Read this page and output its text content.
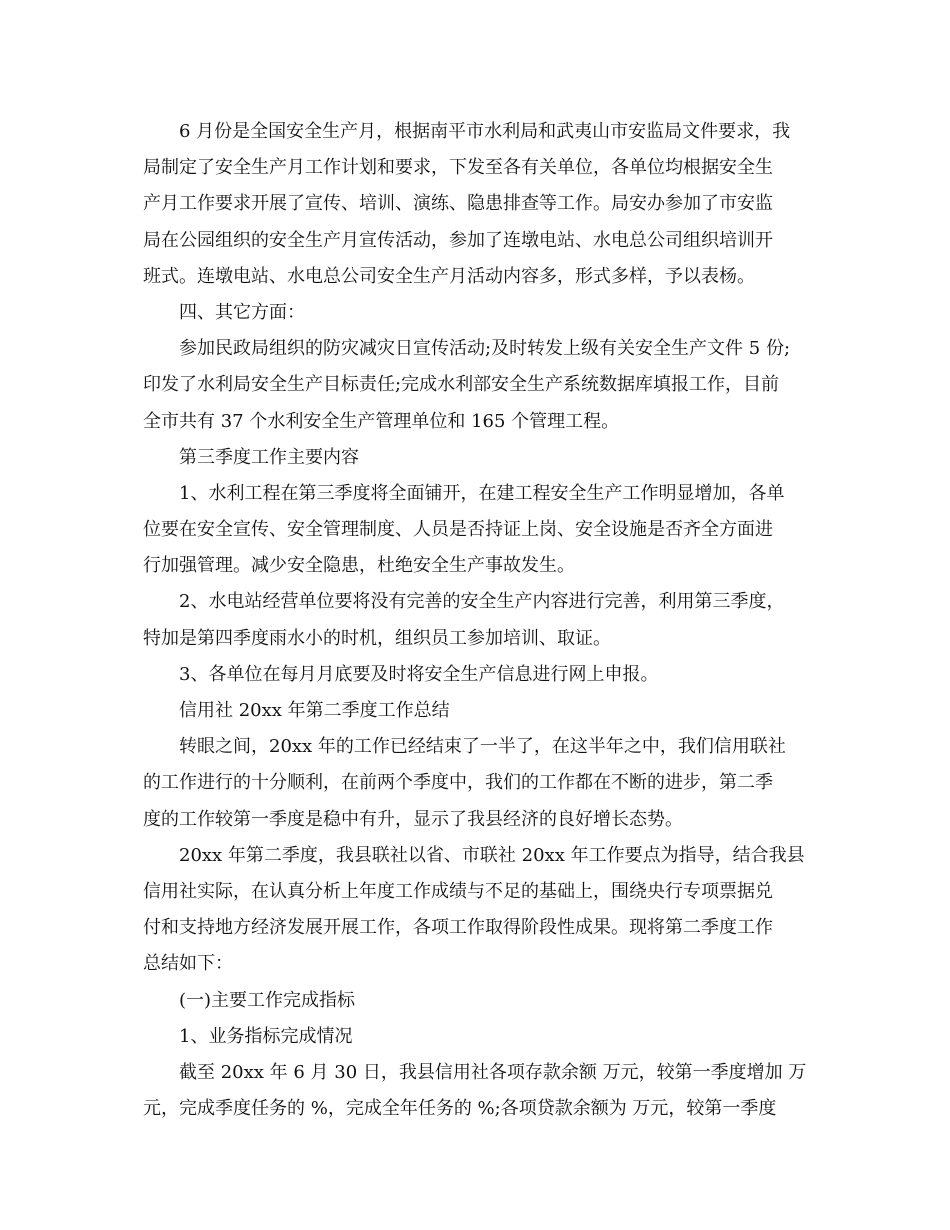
6 月份是全国安全生产月，根据南平市水利局和武夷山市安监局文件要求，我
局制定了安全生产月工作计划和要求，下发至各有关单位，各单位均根据安全生
产月工作要求开展了宣传、培训、演练、隐患排查等工作。局安办参加了市安监
局在公园组织的安全生产月宣传活动，参加了连墩电站、水电总公司组织培训开
班式。连墩电站、水电总公司安全生产月活动内容多，形式多样，予以表杨。

四、其它方面：

参加民政局组织的防灾减灾日宣传活动;及时转发上级有关安全生产文件 5 份;
印发了水利局安全生产目标责任;完成水利部安全生产系统数据库填报工作，目前
全市共有 37 个水利安全生产管理单位和 165 个管理工程。

第三季度工作主要内容

1、水利工程在第三季度将全面铺开，在建工程安全生产工作明显增加，各单
位要在安全宣传、安全管理制度、人员是否持证上岗、安全设施是否齐全方面进
行加强管理。减少安全隐患，杜绝安全生产事故发生。

2、水电站经营单位要将没有完善的安全生产内容进行完善，利用第三季度，
特加是第四季度雨水小的时机，组织员工参加培训、取证。

3、各单位在每月月底要及时将安全生产信息进行网上申报。

信用社 20xx 年第二季度工作总结

转眼之间，20xx 年的工作已经结束了一半了，在这半年之中，我们信用联社
的工作进行的十分顺利，在前两个季度中，我们的工作都在不断的进步，第二季
度的工作较第一季度是稳中有升，显示了我县经济的良好增长态势。

20xx 年第二季度，我县联社以省、市联社 20xx 年工作要点为指导，结合我县
信用社实际，在认真分析上年度工作成绩与不足的基础上，围绕央行专项票据兑
付和支持地方经济发展开展工作，各项工作取得阶段性成果。现将第二季度工作
总结如下：

(一)主要工作完成指标

1、业务指标完成情况

截至 20xx 年 6 月 30 日，我县信用社各项存款余额 万元，较第一季度增加 万
元，完成季度任务的 %，完成全年任务的 %;各项贷款余额为 万元，较第一季度
